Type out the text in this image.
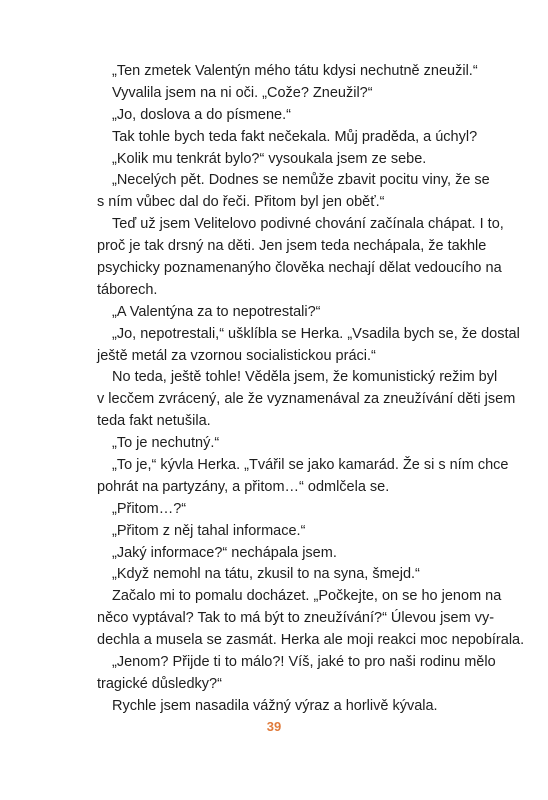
„Ten zmetek Valentýn mého tátu kdysi nechutně zneužil.“
Vyvalila jsem na ni oči. „Cože? Zneužil?“
„Jo, doslova a do písmene.“
Tak tohle bych teda fakt nečekala. Můj praděda, a úchyl?
„Kolik mu tenkrát bylo?“ vysoukala jsem ze sebe.
„Necelých pět. Dodnes se nemůže zbavit pocitu viny, že se
s ním vůbec dal do řeči. Přitom byl jen oběť.“
Teď už jsem Velitelovo podivné chování začínala chápat. I to,
proč je tak drsný na děti. Jen jsem teda nechápala, že takhle
psychicky poznamenanýho člověka nechají dělat vedoucího na
táborech.
„A Valentýna za to nepotrestali?“
„Jo, nepotrestali,“ ušklíbla se Herka. „Vsadila bych se, že dostal
ještě metál za vzornou socialistickou práci.“
No teda, ještě tohle! Věděla jsem, že komunistický režim byl
v lecčem zvrácený, ale že vyznamenával za zneužívání děti jsem
teda fakt netušila.
„To je nechutný.“
„To je,“ kývla Herka. „Tvářil se jako kamarád. Že si s ním chce
pohrát na partyzány, a přitom…“ odmlčela se.
„Přitom…?“
„Přitom z něj tahal informace.“
„Jaký informace?“ nechápala jsem.
„Když nemohl na tátu, zkusil to na syna, šmejd.“
Začalo mi to pomalu docházet. „Počkejte, on se ho jenom na
něco vyptával? Tak to má být to zneužívání?“ Úlevou jsem vy-
dechla a musela se zasmát. Herka ale moji reakci moc nepobírala.
„Jenom? Přijde ti to málo?! Víš, jaké to pro naši rodinu mělo
tragické důsledky?“
Rychle jsem nasadila vážný výraz a horlivě kývala.
39
